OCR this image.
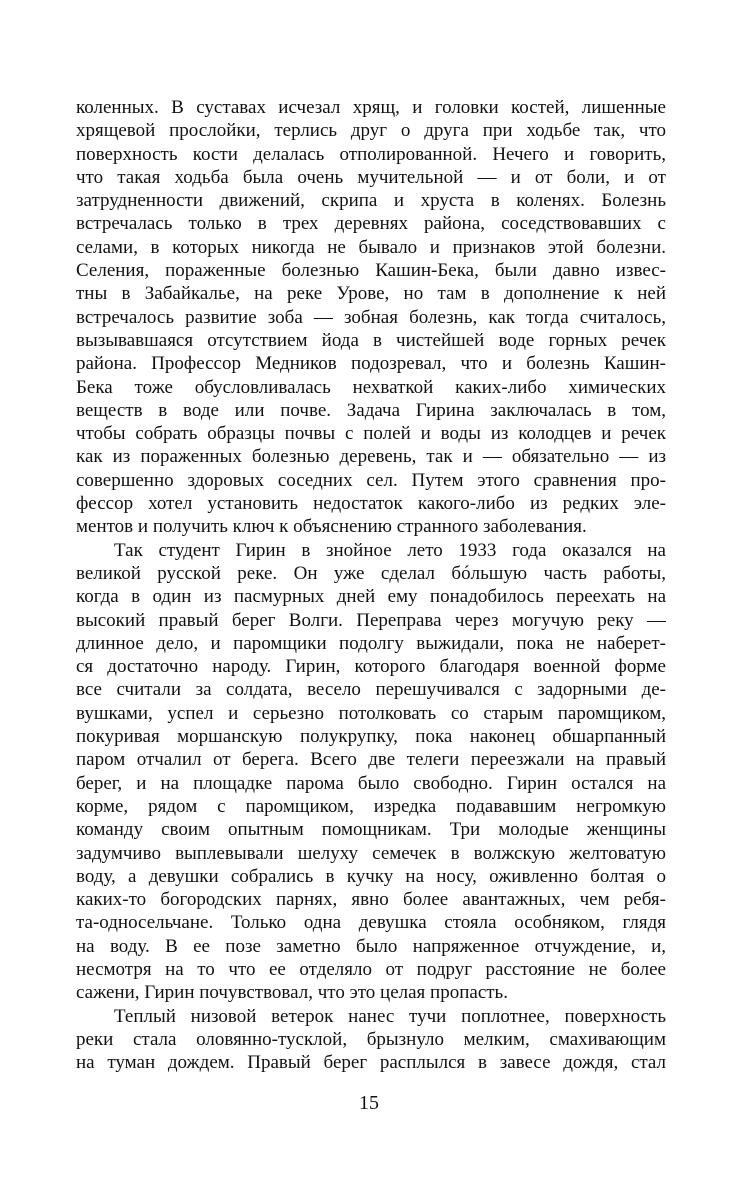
коленных. В суставах исчезал хрящ, и головки костей, лишенные
хрящевой прослойки, терлись друг о друга при ходьбе так, что
поверхность кости делалась отполированной. Нечего и говорить,
что такая ходьба была очень мучительной — и от боли, и от
затрудненности движений, скрипа и хруста в коленях. Болезнь
встречалась только в трех деревнях района, соседствовавших с
селами, в которых никогда не бывало и признаков этой болезни.
Селения, пораженные болезнью Кашин-Бека, были давно извес-
тны в Забайкалье, на реке Урове, но там в дополнение к ней
встречалось развитие зоба — зобная болезнь, как тогда считалось,
вызывавшаяся отсутствием йода в чистейшей воде горных речек
района. Профессор Медников подозревал, что и болезнь Кашин-
Бека тоже обусловливалась нехваткой каких-либо химических
веществ в воде или почве. Задача Гирина заключалась в том,
чтобы собрать образцы почвы с полей и воды из колодцев и речек
как из пораженных болезнью деревень, так и — обязательно — из
совершенно здоровых соседних сел. Путем этого сравнения про-
фессор хотел установить недостаток какого-либо из редких эле-
ментов и получить ключ к объяснению странного заболевания.
Так студент Гирин в знойное лето 1933 года оказался на
великой русской реке. Он уже сделал бóльшую часть работы,
когда в один из пасмурных дней ему понадобилось переехать на
высокий правый берег Волги. Переправа через могучую реку —
длинное дело, и паромщики подолгу выжидали, пока не наберет-
ся достаточно народу. Гирин, которого благодаря военной форме
все считали за солдата, весело перешучивался с задорными де-
вушками, успел и серьезно потолковать со старым паромщиком,
покуривая моршанскую полукрупку, пока наконец обшарпанный
паром отчалил от берега. Всего две телеги переезжали на правый
берег, и на площадке парома было свободно. Гирин остался на
корме, рядом с паромщиком, изредка подававшим негромкую
команду своим опытным помощникам. Три молодые женщины
задумчиво выплевывали шелуху семечек в волжскую желтоватую
воду, а девушки собрались в кучку на носу, оживленно болтая о
каких-то богородских парнях, явно более авантажных, чем ребя-
та-односельчане. Только одна девушка стояла особняком, глядя
на воду. В ее позе заметно было напряженное отчуждение, и,
несмотря на то что ее отделяло от подруг расстояние не более
сажени, Гирин почувствовал, что это целая пропасть.
Теплый низовой ветерок нанес тучи поплотнее, поверхность
реки стала оловянно-тусклой, брызнуло мелким, смахивающим
на туман дождем. Правый берег расплылся в завесе дождя, стал
15
